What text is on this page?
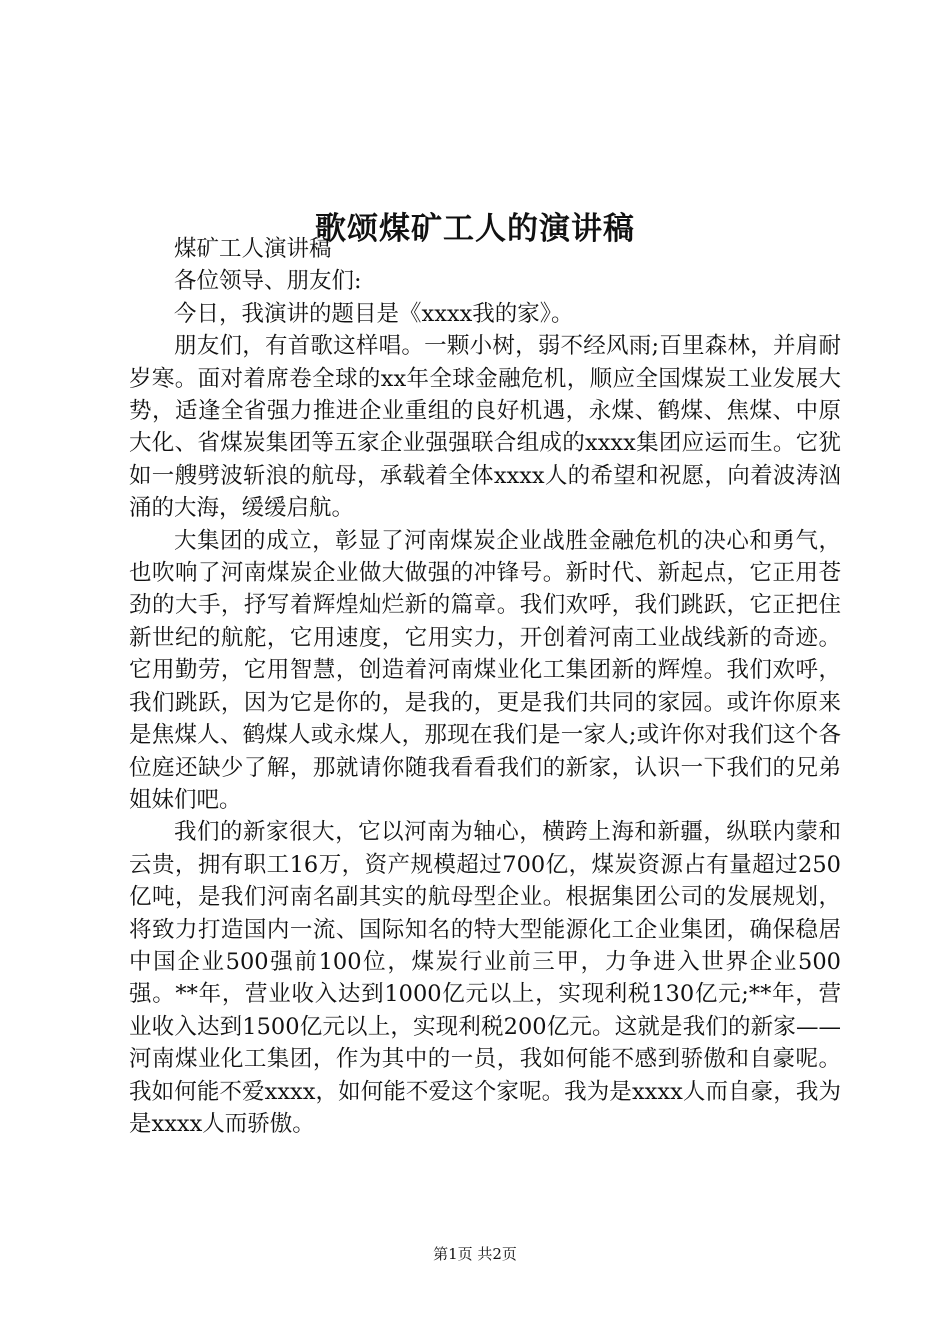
歌颂煤矿工人的演讲稿

煤矿工人演讲稿

各位领导、朋友们:

今日，我演讲的题目是《xxxx我的家》。

朋友们，有首歌这样唱。一颗小树，弱不经风雨;百里森林，并肩耐岁寒。面对着席卷全球的xx年全球金融危机，顺应全国煤炭工业发展大势，适逢全省强力推进企业重组的良好机遇，永煤、鹤煤、焦煤、中原大化、省煤炭集团等五家企业强强联合组成的xxxx集团应运而生。它犹如一艘劈波斩浪的航母，承载着全体xxxx人的希望和祝愿，向着波涛汹涌的大海，缓缓启航。

大集团的成立，彰显了河南煤炭企业战胜金融危机的决心和勇气，也吹响了河南煤炭企业做大做强的冲锋号。新时代、新起点，它正用苍劲的大手，抒写着辉煌灿烂新的篇章。我们欢呼，我们跳跃，它正把住新世纪的航舵，它用速度，它用实力，开创着河南工业战线新的奇迹。它用勤劳，它用智慧，创造着河南煤业化工集团新的辉煌。我们欢呼，我们跳跃，因为它是你的，是我的，更是我们共同的家园。或许你原来是焦煤人、鹤煤人或永煤人，那现在我们是一家人;或许你对我们这个各位庭还缺少了解，那就请你随我看看我们的新家，认识一下我们的兄弟姐妹们吧。

我们的新家很大，它以河南为轴心，横跨上海和新疆，纵联内蒙和云贵，拥有职工16万，资产规模超过700亿，煤炭资源占有量超过250亿吨，是我们河南名副其实的航母型企业。根据集团公司的发展规划，将致力打造国内一流、国际知名的特大型能源化工企业集团，确保稳居中国企业500强前100位，煤炭行业前三甲，力争进入世界企业500强。**年，营业收入达到1000亿元以上，实现利税130亿元;**年，营业收入达到1500亿元以上，实现利税200亿元。这就是我们的新家——河南煤业化工集团，作为其中的一员，我如何能不感到骄傲和自豪呢。我如何能不爱xxxx，如何能不爱这个家呢。我为是xxxx人而自豪，我为是xxxx人而骄傲。

第1页 共2页
